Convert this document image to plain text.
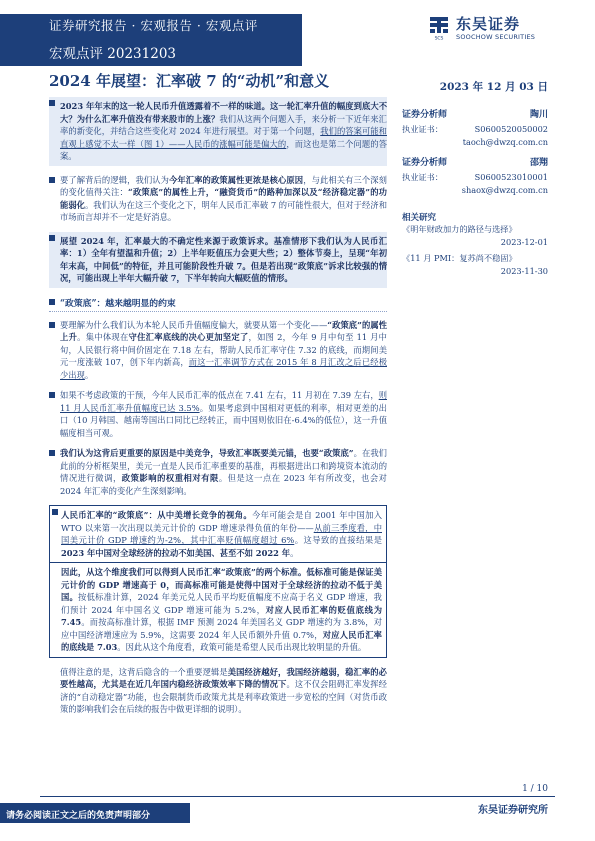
证券研究报告 · 宏观报告 · 宏观点评
宏观点评 20231203
SCS
东吴证券
SOOCHOW SECURITIES
2024 年展望：汇率破 7 的“动机”和意义	2023 年 12 月 03 日
2023 年年末的这一轮人民币升值透露着不一样的味道。这一轮汇率升值的幅度到底大不大？为什么汇率升值没有带来股市的上涨？我们从这两个问题入手，来分析一下近年来汇率的新变化，并结合这些变化对 2024 年进行展望。对于第一个问题，我们的答案可能和直观上感觉不太一样（图 1）——人民币的涨幅可能是偏大的，而这也是第二个问题的答案。
要了解背后的逻辑，我们认为今年汇率的政策属性更浓是核心原因，与此相关有三个深刻的变化值得关注：“政策底”的属性上升，“融资货币”的路种加深以及“经济稳定器”的功能弱化。我们认为在这三个变化之下，明年人民币汇率破 7 的可能性很大，但对于经济和市场而言却并不一定是好消息。
展望 2024 年，汇率最大的不确定性来源于政策诉求。基准情形下我们认为人民币汇率：1）全年有望温和升值；2）上半年贬值压力会更大些；2）整体节奏上，呈现“年初年末高，中间低”的特征，并且可能阶段性升破 7。但是若出现“政策底”诉求比较强的情况，可能出现上半年大幅升破 7，下半年转向大幅贬值的情形。
“政策底”：越来越明显的约束
要理解为什么我们认为本轮人民币升值幅度偏大，就要从第一个变化——“政策底”的属性上升。集中体现在守住汇率底线的决心更加坚定了，如图 2，今年 9 月中旬至 11 月中旬，人民银行将中间价固定在 7.18 左右，帮助人民币汇率守住 7.32 的底线，而期间美元一度涨破 107，创下年内新高，而这一汇率调节方式在 2015 年 8 月汇改之后已经极少出现。
如果不考虑政策的干预，今年人民币汇率的低点在 7.41 左右，11 月初在 7.39 左右，则 11 月人民币汇率升值幅度已达 3.5%。如果考虑到中国相对更低的利率，相对更差的出口（10 月韩国、越南等国出口同比已经转正，而中国则依旧在-6.4%的低位），这一升值幅度相当可观。
我们认为这背后更重要的原因是中美竞争，导致汇率既要美元锚，也要“政策底”。在我们此前的分析框架里，美元一直是人民币汇率重要的基准，再根据进出口和跨境资本流动的情况进行微调，政策影响的权重相对有限。但是这一点在 2023 年有所改变，也会对 2024 年汇率的变化产生深刻影响。
人民币汇率的“政策底”：从中美增长竞争的视角。今年可能会是自 2001 年中国加入 WTO 以来第一次出现以美元计价的 GDP 增速录得负值的年份——从前三季度看，中国美元计价 GDP 增速约为-2%，其中汇率贬值幅度超过 6%。这导致的直接结果是2023 年中国对全球经济的拉动不如美国、甚至不如 2022 年。
因此，从这个维度我们可以得到人民币汇率“政策底”的两个标准。低标准可能是保证美元计价的 GDP 增速高于 0，而高标准可能是使得中国对于全球经济的拉动不低于美国。按低标准计算，2024 年美元兑人民币平均贬值幅度不应高于名义 GDP 增速，我们预计 2024 年中国名义 GDP 增速可能为 5.2%，对应人民币汇率的贬值底线为 7.45。而按高标准计算，根据 IMF 预测 2024 年美国名义 GDP 增速约为 3.8%，对应中国经济增速应为 5.9%，这需要 2024 年人民币额外升值 0.7%，对应人民币汇率的底线是 7.03。因此从这个角度看，政策可能是希望人民币出现比较明显的升值。
值得注意的是，这背后隐含的一个重要逻辑是美国经济越好，我国经济越弱，稳汇率的必要性越高，尤其是在近几年国内稳经济政策效率下降的情况下。这不仅会阻碍汇率发挥经济的“自动稳定器”功能，也会限制货币政策尤其是利率政策进一步宽松的空间（对货币政策的影响我们会在后续的报告中做更详细的说明）。
证券分析师	陶川
执业证书：	S0600520050002
taoch@dwzq.com.cn
证券分析师	邵翔
执业证书：	S0600523010001
shaox@dwzq.com.cn
相关研究
《明年财政加力的路径与选择》
2023-12-01
《11 月 PMI：复苏尚不稳固》
2023-11-30
1 / 10
请务必阅读正文之后的免责声明部分	东吴证券研究所
